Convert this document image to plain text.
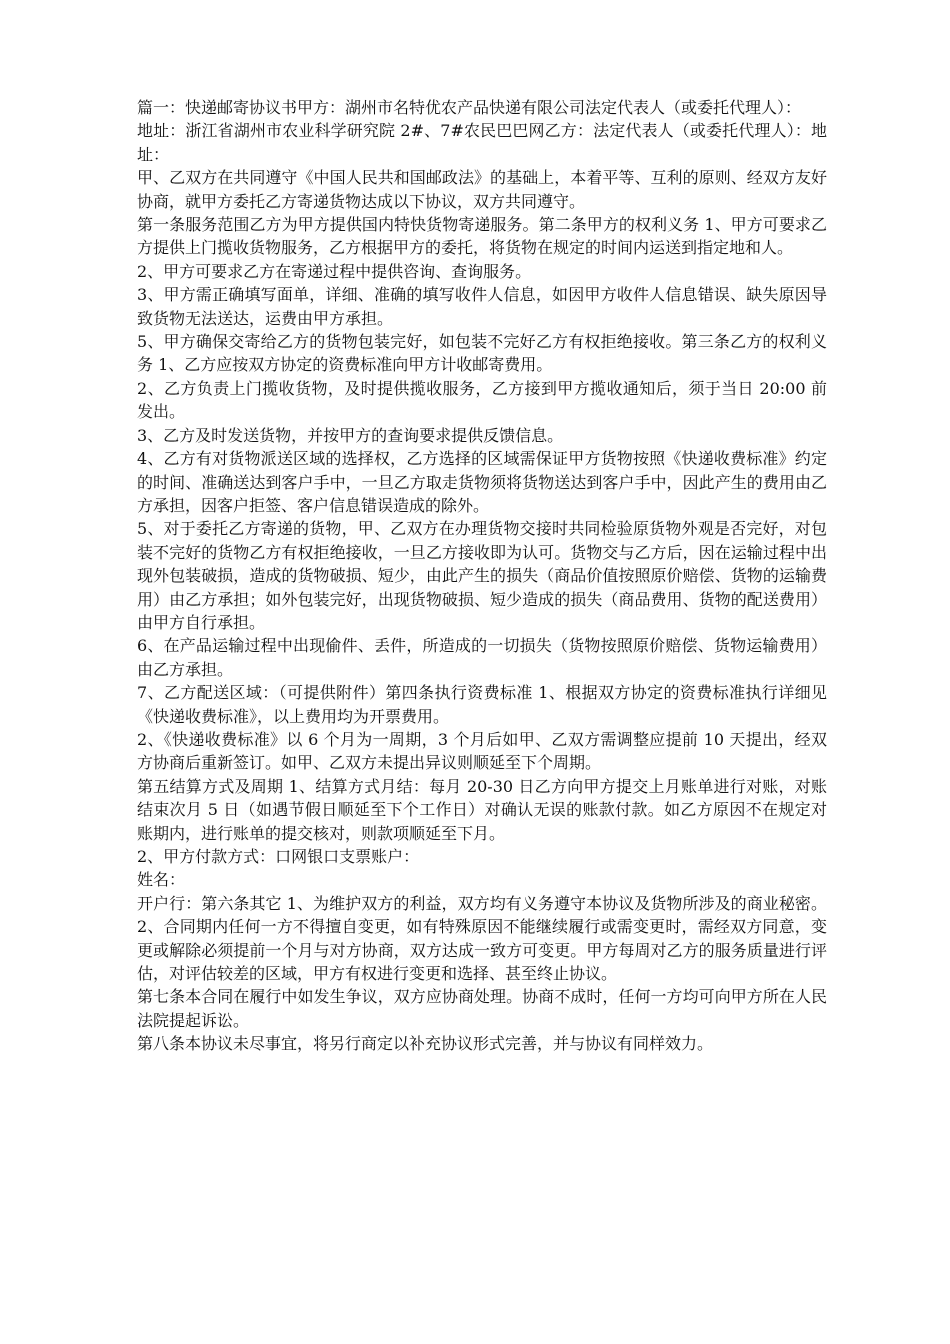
篇一：快递邮寄协议书甲方：湖州市名特优农产品快递有限公司法定代表人（或委托代理人）：

地址：浙江省湖州市农业科学研究院 2#、7#农民巴巴网乙方：法定代表人（或委托代理人）：地址：

甲、乙双方在共同遵守《中国人民共和国邮政法》的基础上，本着平等、互利的原则、经双方友好协商，就甲方委托乙方寄递货物达成以下协议，双方共同遵守。

第一条服务范围乙方为甲方提供国内特快货物寄递服务。第二条甲方的权利义务 1、甲方可要求乙方提供上门揽收货物服务，乙方根据甲方的委托，将货物在规定的时间内运送到指定地和人。

2、甲方可要求乙方在寄递过程中提供咨询、查询服务。

3、甲方需正确填写面单，详细、准确的填写收件人信息，如因甲方收件人信息错误、缺失原因导致货物无法送达，运费由甲方承担。

5、甲方确保交寄给乙方的货物包装完好，如包装不完好乙方有权拒绝接收。第三条乙方的权利义务 1、乙方应按双方协定的资费标准向甲方计收邮寄费用。

2、乙方负责上门揽收货物，及时提供揽收服务，乙方接到甲方揽收通知后，须于当日 20:00 前发出。

3、乙方及时发送货物，并按甲方的查询要求提供反馈信息。

4、乙方有对货物派送区域的选择权，乙方选择的区域需保证甲方货物按照《快递收费标准》约定的时间、准确送达到客户手中，一旦乙方取走货物须将货物送达到客户手中，因此产生的费用由乙方承担，因客户拒签、客户信息错误造成的除外。

5、对于委托乙方寄递的货物，甲、乙双方在办理货物交接时共同检验原货物外观是否完好，对包装不完好的货物乙方有权拒绝接收，一旦乙方接收即为认可。货物交与乙方后，因在运输过程中出现外包装破损，造成的货物破损、短少，由此产生的损失（商品价值按照原价赔偿、货物的运输费用）由乙方承担；如外包装完好，出现货物破损、短少造成的损失（商品费用、货物的配送费用）由甲方自行承担。

6、在产品运输过程中出现偷件、丢件，所造成的一切损失（货物按照原价赔偿、货物运输费用）由乙方承担。

7、乙方配送区域：（可提供附件）第四条执行资费标准 1、根据双方协定的资费标准执行详细见《快递收费标准》，以上费用均为开票费用。

2、《快递收费标准》以 6 个月为一周期，3 个月后如甲、乙双方需调整应提前 10 天提出，经双方协商后重新签订。如甲、乙双方未提出异议则顺延至下个周期。

第五结算方式及周期 1、结算方式月结：每月 20-30 日乙方向甲方提交上月账单进行对账，对账结束次月 5 日（如遇节假日顺延至下个工作日）对确认无误的账款付款。如乙方原因不在规定对账期内，进行账单的提交核对，则款项顺延至下月。

2、甲方付款方式：口网银口支票账户：

姓名：

开户行：第六条其它 1、为维护双方的利益，双方均有义务遵守本协议及货物所涉及的商业秘密。2、合同期内任何一方不得擅自变更，如有特殊原因不能继续履行或需变更时，需经双方同意，变更或解除必须提前一个月与对方协商，双方达成一致方可变更。甲方每周对乙方的服务质量进行评估，对评估较差的区域，甲方有权进行变更和选择、甚至终止协议。

第七条本合同在履行中如发生争议，双方应协商处理。协商不成时，任何一方均可向甲方所在人民法院提起诉讼。

第八条本协议未尽事宜，将另行商定以补充协议形式完善，并与协议有同样效力。
